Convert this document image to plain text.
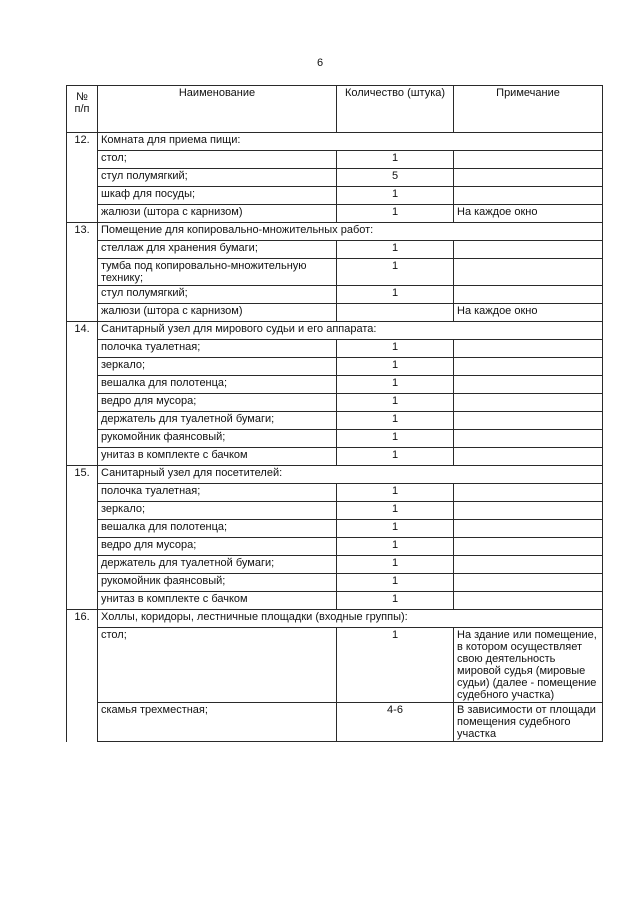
6
№
п/п	Наименование	Количество (штука)	Примечание
12.	Комната для приема пищи:		
	стол;	1	
	стул полумягкий;	5	
	шкаф для посуды;	1	
	жалюзи (штора с карнизом)	1	На каждое окно
13.	Помещение для копировально-множительных работ:		
	стеллаж для хранения бумаги;	1	
	тумба под копировально-множительную технику;	1	
	стул полумягкий;	1	
	жалюзи (штора с карнизом)		На каждое окно
14.	Санитарный узел для мирового судьи и его аппарата:		
	полочка туалетная;	1	
	зеркало;	1	
	вешалка для полотенца;	1	
	ведро для мусора;	1	
	держатель для туалетной бумаги;	1	
	рукомойник фаянсовый;	1	
	унитаз в комплекте с бачком	1	
15.	Санитарный узел для посетителей:		
	полочка туалетная;	1	
	зеркало;	1	
	вешалка для полотенца;	1	
	ведро для мусора;	1	
	держатель для туалетной бумаги;	1	
	рукомойник фаянсовый;	1	
	унитаз в комплекте с бачком	1	
16.	Холлы, коридоры, лестничные площадки (входные группы):		
	стол;	1	На здание или помещение, в котором осуществляет свою деятельность мировой судья (мировые судьи) (далее - помещение судебного участка)
	скамья трехместная;	4-6	В зависимости от площади помещения судебного участка
